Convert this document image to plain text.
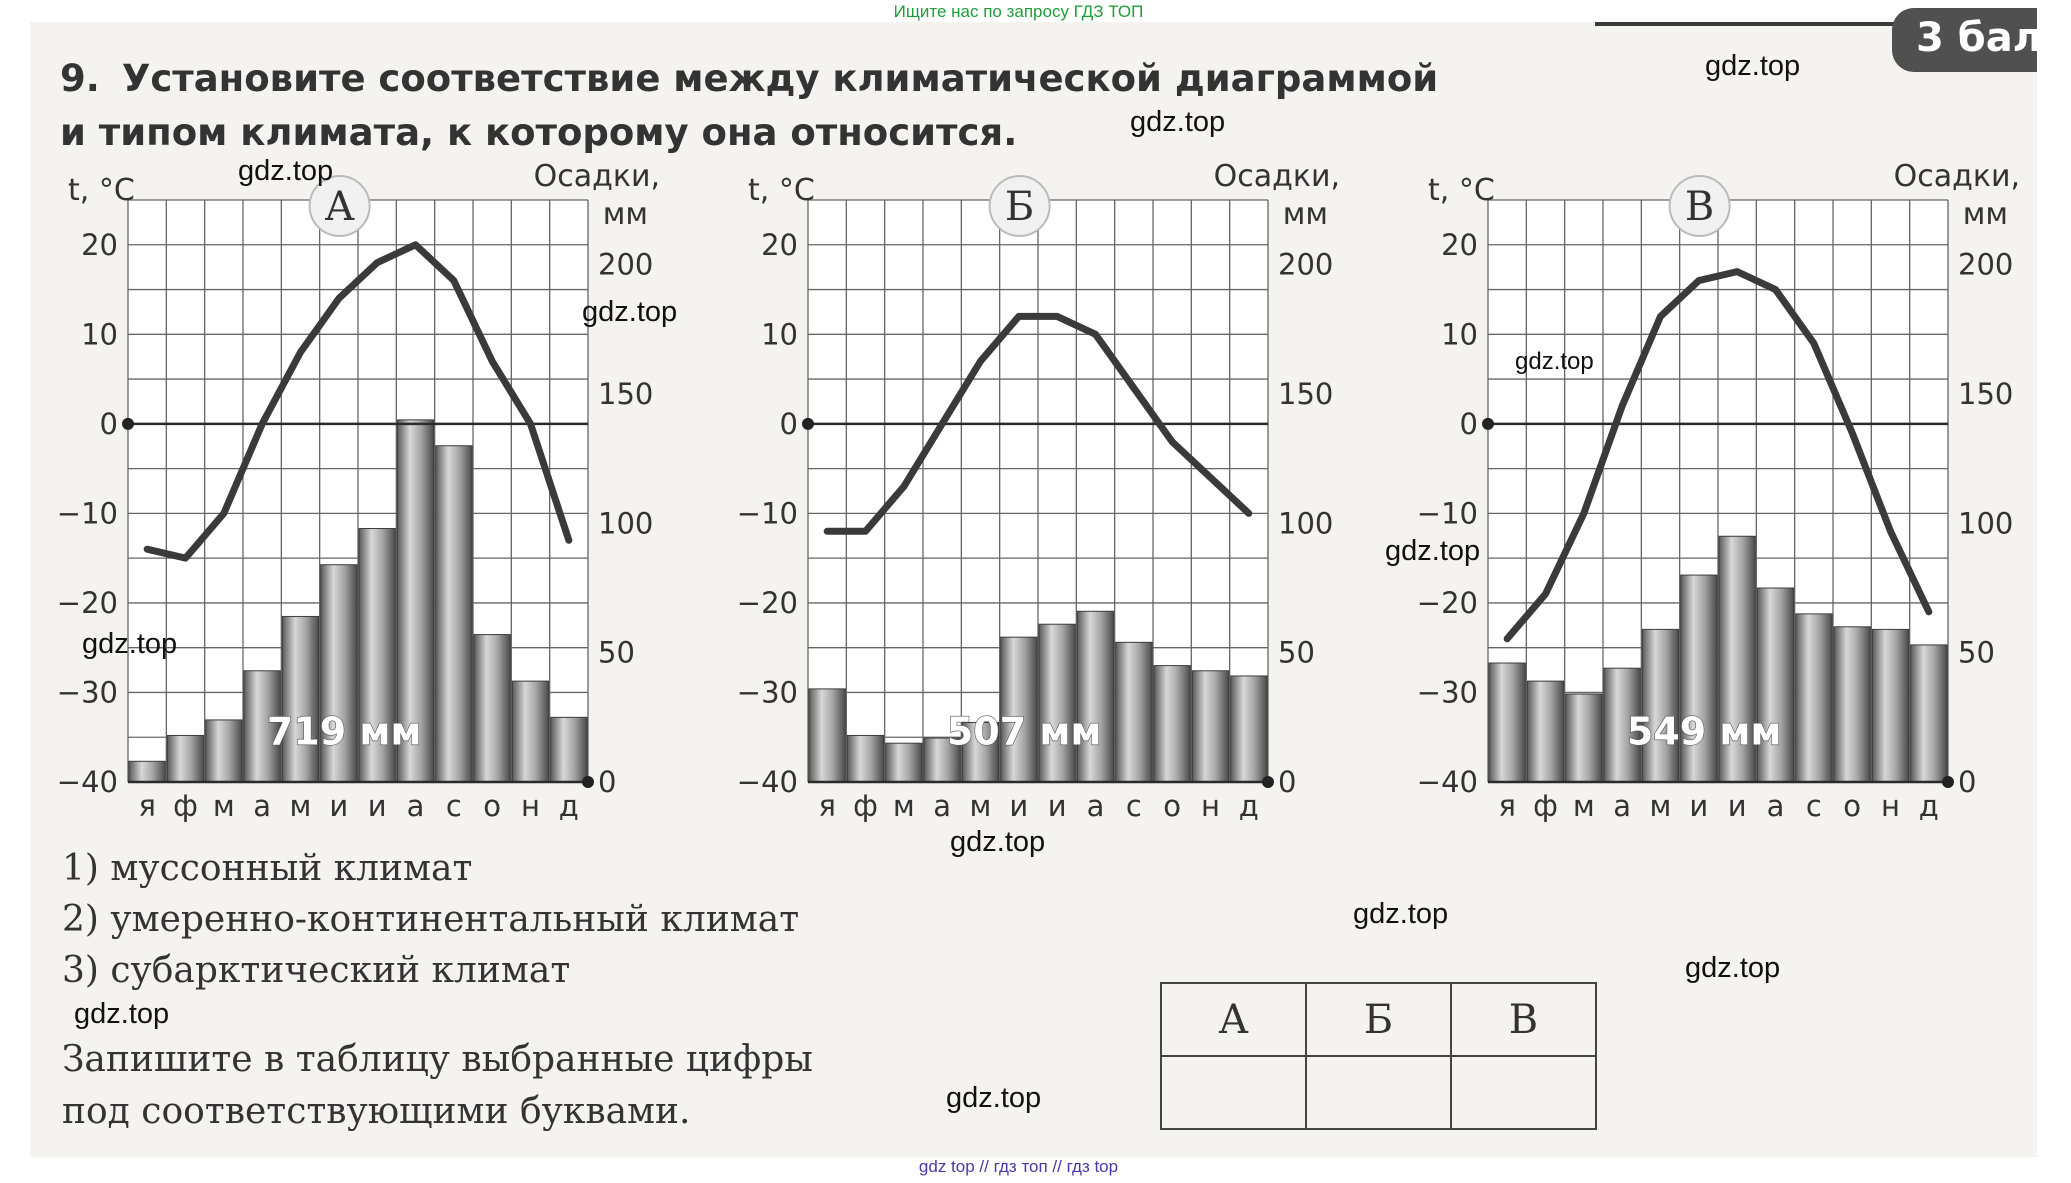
Ищите нас по запросу ГДЗ ТОП
3 балл
9. Установите соответствие между климатической диаграммой и типом климата, к которому она относится.
20
10
0
−10
−20
−30
−40
200
150
100
50
0
я ф м а м и и а с о н д
t, °С	Осадки,
мм
А
719 мм
20
10
0
−10
−20
−30
−40
200
150
100
50
0
я ф м а м и и а с о н д
t, °С	Осадки,
мм
Б
507 мм
20
10
0
−10
−20
−30
−40
200
150
100
50
0
я ф м а м и и а с о н д
t, °С	Осадки,
мм
В
549 мм
1) муссонный климат
2) умеренно-континентальный климат
3) субарктический климат
Запишите в таблицу выбранные цифры
под соответствующими буквами.
А	Б	В

gdz.top
gdz.top
gdz.top
gdz.top
gdz.top
gdz.top
gdz.top
gdz.top
gdz.top
gdz.top
gdz.top
gdz.top
gdz top // гдз топ // гдз top
